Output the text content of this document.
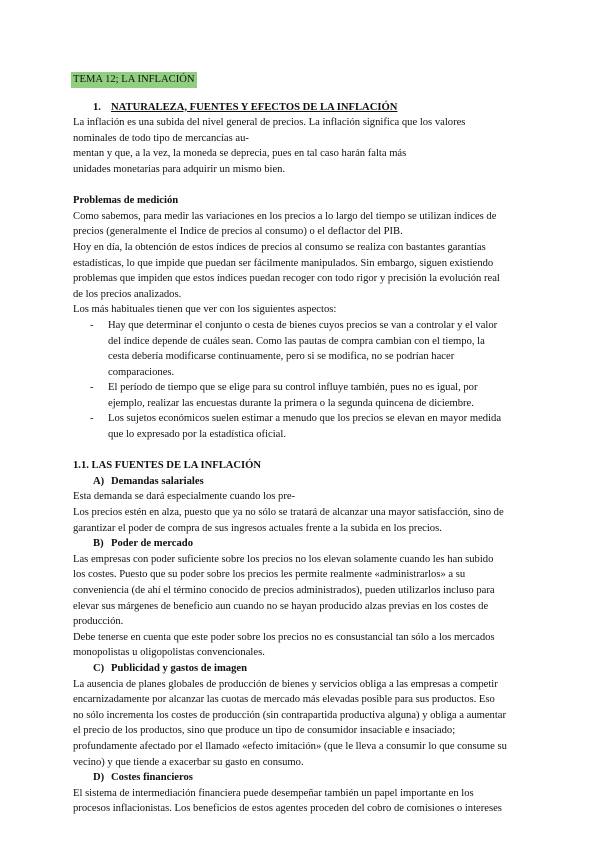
TEMA 12; LA INFLACIÓN
1. NATURALEZA, FUENTES Y EFECTOS DE LA INFLACIÓN
La inflación es una subida del nivel general de precios. La inflación significa que los valores
nominales de todo tipo de mercancías au-
mentan y que, a la vez, la moneda se deprecia, pues en tal caso harán falta más
unidades monetarias para adquirir un mismo bien.
Problemas de medición
Como sabemos, para medir las variaciones en los precios a lo largo del tiempo se utilizan índices de
precios (generalmente el Indice de precios al consumo) o el deflactor del PIB.
Hoy en día, la obtención de estos índices de precios al consumo se realiza con bastantes garantías
estadísticas, lo que impide que puedan ser fácilmente manipulados. Sin embargo, siguen existiendo
problemas que impiden que estos índices puedan recoger con todo rigor y precisión la evolución real
de los precios analizados.
Los más habituales tienen que ver con los siguientes aspectos:
- Hay que determinar el conjunto o cesta de bienes cuyos precios se van a controlar y el valor
del índice depende de cuáles sean. Como las pautas de compra cambian con el tiempo, la
cesta debería modificarse continuamente, pero si se modifica, no se podrían hacer
comparaciones.
- El período de tiempo que se elige para su control influye también, pues no es igual, por
ejemplo, realizar las encuestas durante la primera o la segunda quincena de diciembre.
- Los sujetos económicos suelen estimar a menudo que los precios se elevan en mayor medida
que lo expresado por la estadística oficial.
1.1. LAS FUENTES DE LA INFLACIÓN
A) Demandas salariales
Esta demanda se dará especialmente cuando los pre-
Los precios estén en alza, puesto que ya no sólo se tratará de alcanzar una mayor satisfacción, sino de
garantizar el poder de compra de sus ingresos actuales frente a la subida en los precios.
B) Poder de mercado
Las empresas con poder suficiente sobre los precios no los elevan solamente cuando les han subido
los costes. Puesto que su poder sobre los precios les permite realmente «administrarlos» a su
conveniencia (de ahí el término conocido de precios administrados), pueden utilizarlos incluso para
elevar sus márgenes de beneficio aun cuando no se hayan producido alzas previas en los costes de
producción.
Debe tenerse en cuenta que este poder sobre los precios no es consustancial tan sólo a los mercados
monopolistas u oligopolistas convencionales.
C) Publicidad y gastos de imagen
La ausencia de planes globales de producción de bienes y servicios obliga a las empresas a competir
encarnizadamente por alcanzar las cuotas de mercado más elevadas posible para sus productos. Eso
no sólo incrementa los costes de producción (sin contrapartida productiva alguna) y obliga a aumentar
el precio de los productos, sino que produce un tipo de consumidor insaciable e insaciado;
profundamente afectado por el llamado «efecto imitación» (que le lleva a consumir lo que consume su
vecino) y que tiende a exacerbar su gasto en consumo.
D) Costes financieros
El sistema de intermediación financiera puede desempeñar también un papel importante en los
procesos inflacionistas. Los beneficios de estos agentes proceden del cobro de comisiones o intereses
